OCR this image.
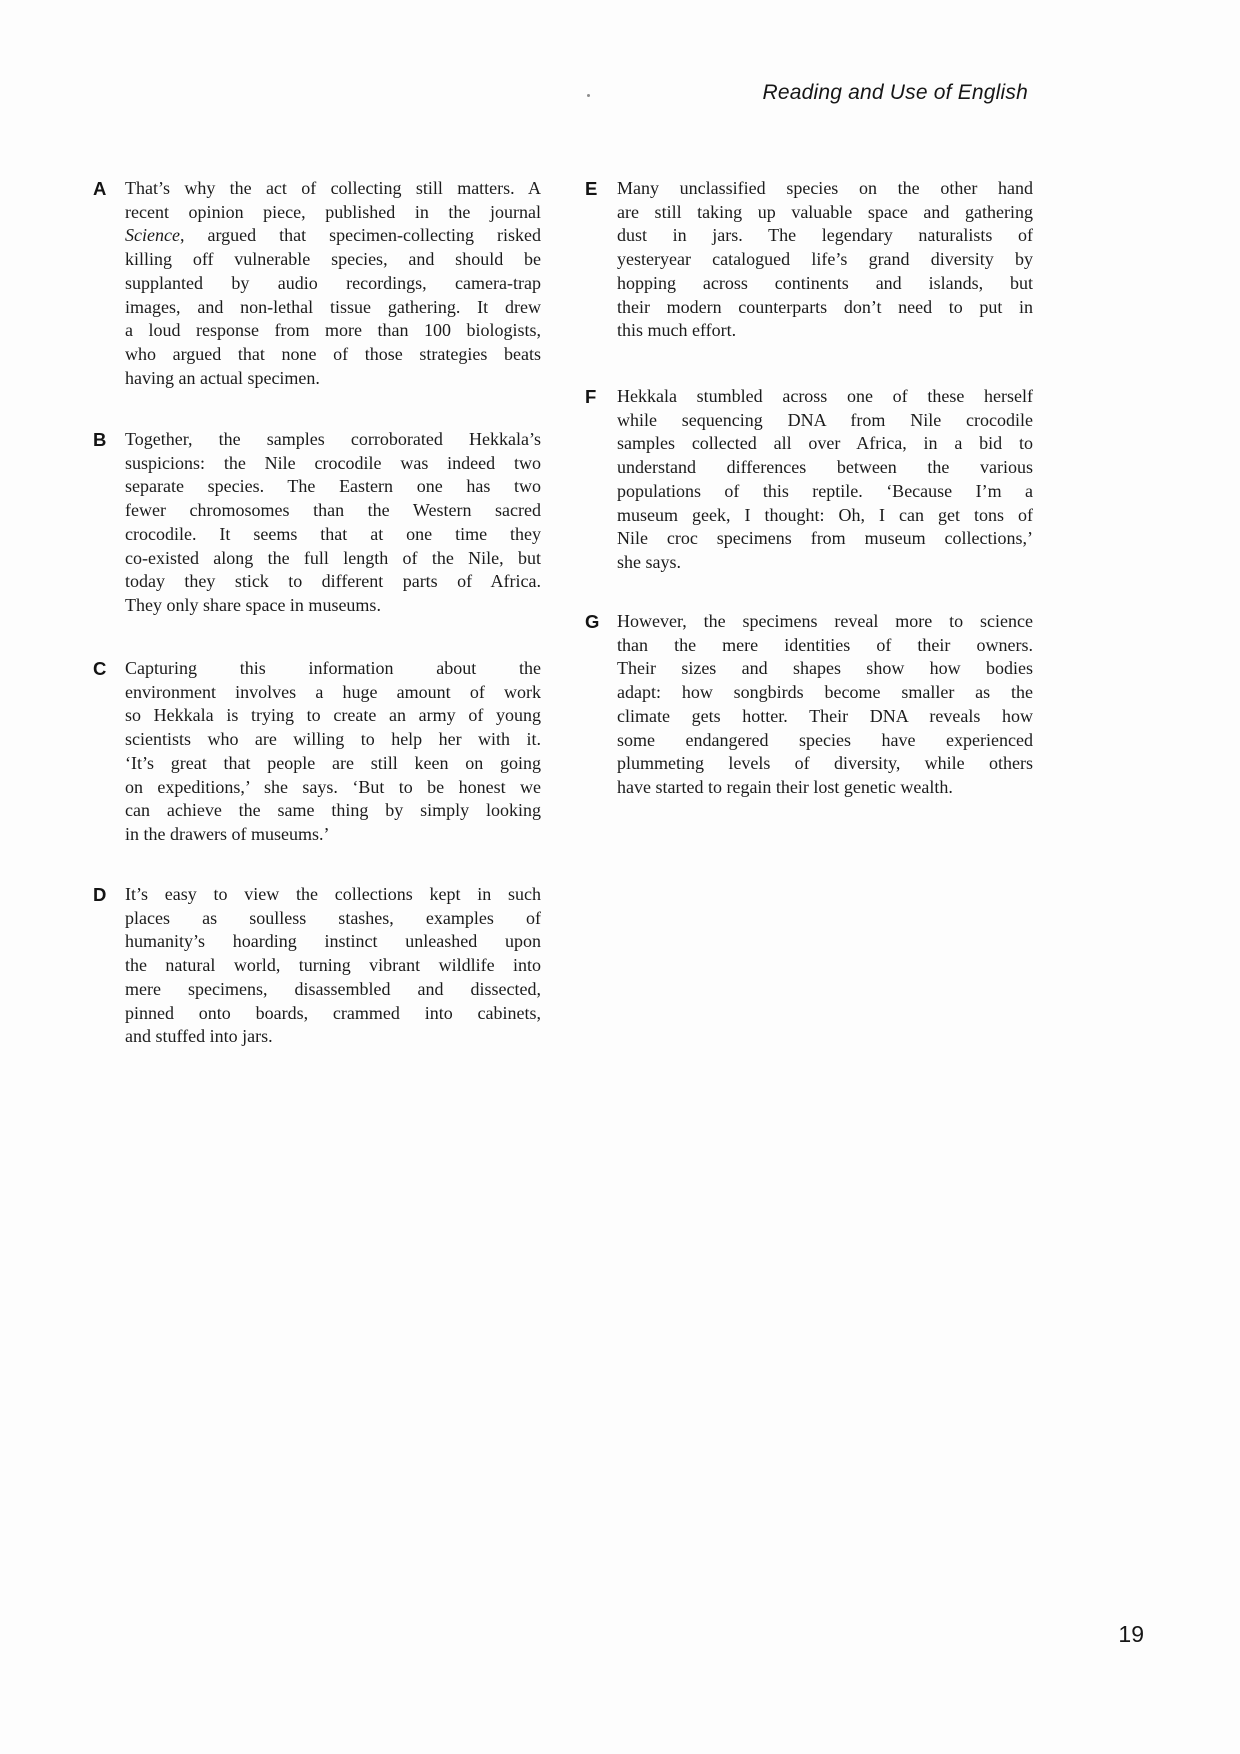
Reading and Use of English
A	That’s why the act of collecting still matters. A
recent opinion piece, published in the journal
Science, argued that specimen-collecting risked
killing off vulnerable species, and should be
supplanted by audio recordings, camera-trap
images, and non-lethal tissue gathering. It drew
a loud response from more than 100 biologists,
who argued that none of those strategies beats
having an actual specimen.
B	Together, the samples corroborated Hekkala’s
suspicions: the Nile crocodile was indeed two
separate species. The Eastern one has two
fewer chromosomes than the Western sacred
crocodile. It seems that at one time they
co-existed along the full length of the Nile, but
today they stick to different parts of Africa.
They only share space in museums.
C	Capturing this information about the
environment involves a huge amount of work
so Hekkala is trying to create an army of young
scientists who are willing to help her with it.
‘It’s great that people are still keen on going
on expeditions,’ she says. ‘But to be honest we
can achieve the same thing by simply looking
in the drawers of museums.’
D	It’s easy to view the collections kept in such
places as soulless stashes, examples of
humanity’s hoarding instinct unleashed upon
the natural world, turning vibrant wildlife into
mere specimens, disassembled and dissected,
pinned onto boards, crammed into cabinets,
and stuffed into jars.
E	Many unclassified species on the other hand
are still taking up valuable space and gathering
dust in jars. The legendary naturalists of
yesteryear catalogued life’s grand diversity by
hopping across continents and islands, but
their modern counterparts don’t need to put in
this much effort.
F	Hekkala stumbled across one of these herself
while sequencing DNA from Nile crocodile
samples collected all over Africa, in a bid to
understand differences between the various
populations of this reptile. ‘Because I’m a
museum geek, I thought: Oh, I can get tons of
Nile croc specimens from museum collections,’
she says.
G However, the specimens reveal more to science
than the mere identities of their owners.
Their sizes and shapes show how bodies
adapt: how songbirds become smaller as the
climate gets hotter. Their DNA reveals how
some endangered species have experienced
plummeting levels of diversity, while others
have started to regain their lost genetic wealth.
19
